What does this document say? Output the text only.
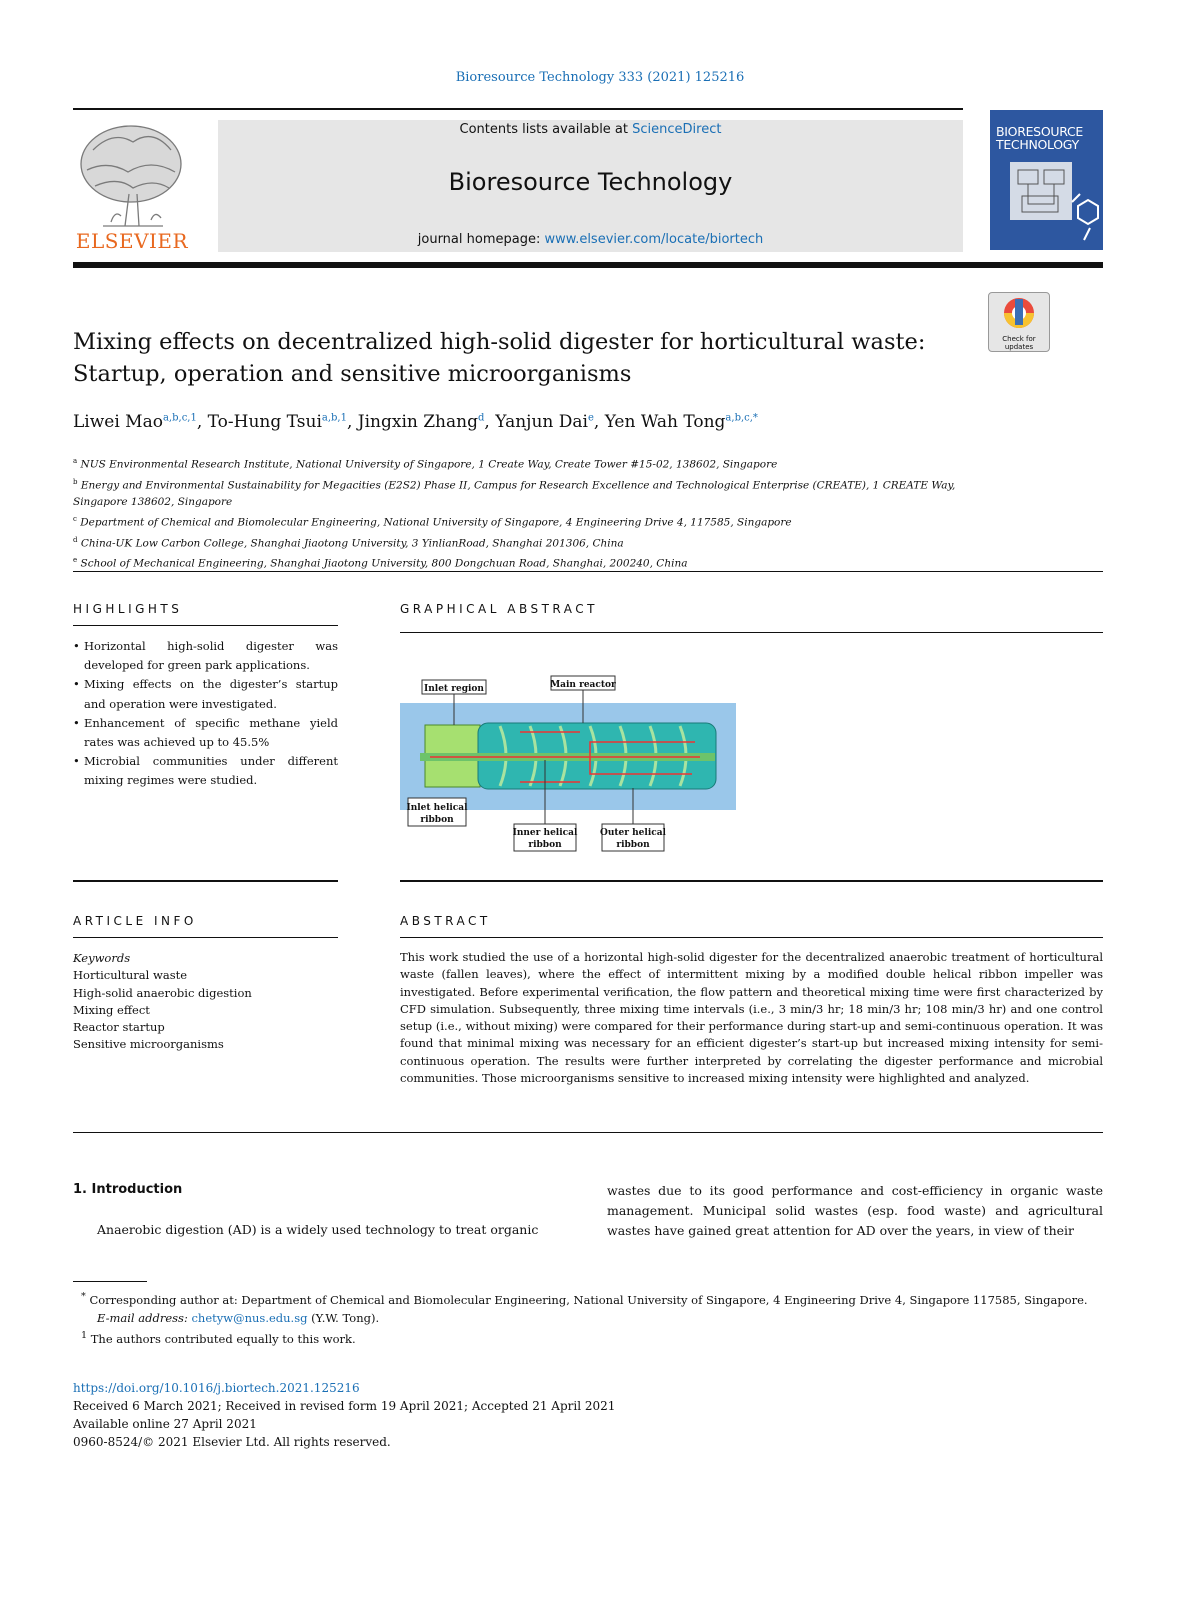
Bioresource Technology 333 (2021) 125216
ELSEVIER
Contents lists available at ScienceDirect
Bioresource Technology
journal homepage: www.elsevier.com/locate/biortech
BIORESOURCE TECHNOLOGY
Check for updates
Mixing effects on decentralized high-solid digester for horticultural waste:
Startup, operation and sensitive microorganisms
Liwei Mao$^{a,b,c,1}$, To-Hung Tsui$^{a,b,1}$, Jingxin Zhang$^d$, Yanjun Dai$^e$, Yen Wah Tong$^{a,b,c,*}$
$^a$ NUS Environmental Research Institute, National University of Singapore, 1 Create Way, Create Tower #15-02, 138602, Singapore
$^b$ Energy and Environmental Sustainability for Megacities (E2S2) Phase II, Campus for Research Excellence and Technological Enterprise (CREATE), 1 CREATE Way,
Singapore 138602, Singapore
$^c$ Department of Chemical and Biomolecular Engineering, National University of Singapore, 4 Engineering Drive 4, 117585, Singapore
$^d$ China-UK Low Carbon College, Shanghai Jiaotong University, 3 YinlianRoad, Shanghai 201306, China
$^e$ School of Mechanical Engineering, Shanghai Jiaotong University, 800 Dongchuan Road, Shanghai, 200240, China
HIGHLIGHTS
• Horizontal high-solid digester was developed for green park applications.
• Mixing effects on the digester’s startup and operation were investigated.
• Enhancement of specific methane yield rates was achieved up to 45.5%
• Microbial communities under different mixing regimes were studied.
GRAPHICAL ABSTRACT
Inlet region	Main reactor
Inlet helical
ribbon
Inner helical
ribbon
Outer helical
ribbon
ARTICLE INFO
Keywords
Horticultural waste
High-solid anaerobic digestion
Mixing effect
Reactor startup
Sensitive microorganisms
ABSTRACT
This work studied the use of a horizontal high-solid digester for the decentralized anaerobic treatment of horticultural waste (fallen leaves), where the effect of intermittent mixing by a modified double helical ribbon impeller was investigated. Before experimental verification, the flow pattern and theoretical mixing time were first characterized by CFD simulation. Subsequently, three mixing time intervals (i.e., 3 min/3 hr; 18 min/3 hr; 108 min/3 hr) and one control setup (i.e., without mixing) were compared for their performance during start-up and semi-continuous operation. It was found that minimal mixing was necessary for an efficient digester’s start-up but increased mixing intensity for semi-continuous operation. The results were further interpreted by correlating the digester performance and microbial communities. Those microorganisms sensitive to increased mixing intensity were highlighted and analyzed.
1. Introduction
Anaerobic digestion (AD) is a widely used technology to treat organic
wastes due to its good performance and cost-efficiency in organic waste management. Municipal solid wastes (esp. food waste) and agricultural wastes have gained great attention for AD over the years, in view of their

* Corresponding author at: Department of Chemical and Biomolecular Engineering, National University of Singapore, 4 Engineering Drive 4, Singapore 117585, Singapore.

E-mail address: chetyw@nus.edu.sg (Y.W. Tong).

$^1$ The authors contributed equally to this work.

https://doi.org/10.1016/j.biortech.2021.125216

Received 6 March 2021; Received in revised form 19 April 2021; Accepted 21 April 2021

Available online 27 April 2021

0960-8524/© 2021 Elsevier Ltd. All rights reserved.
